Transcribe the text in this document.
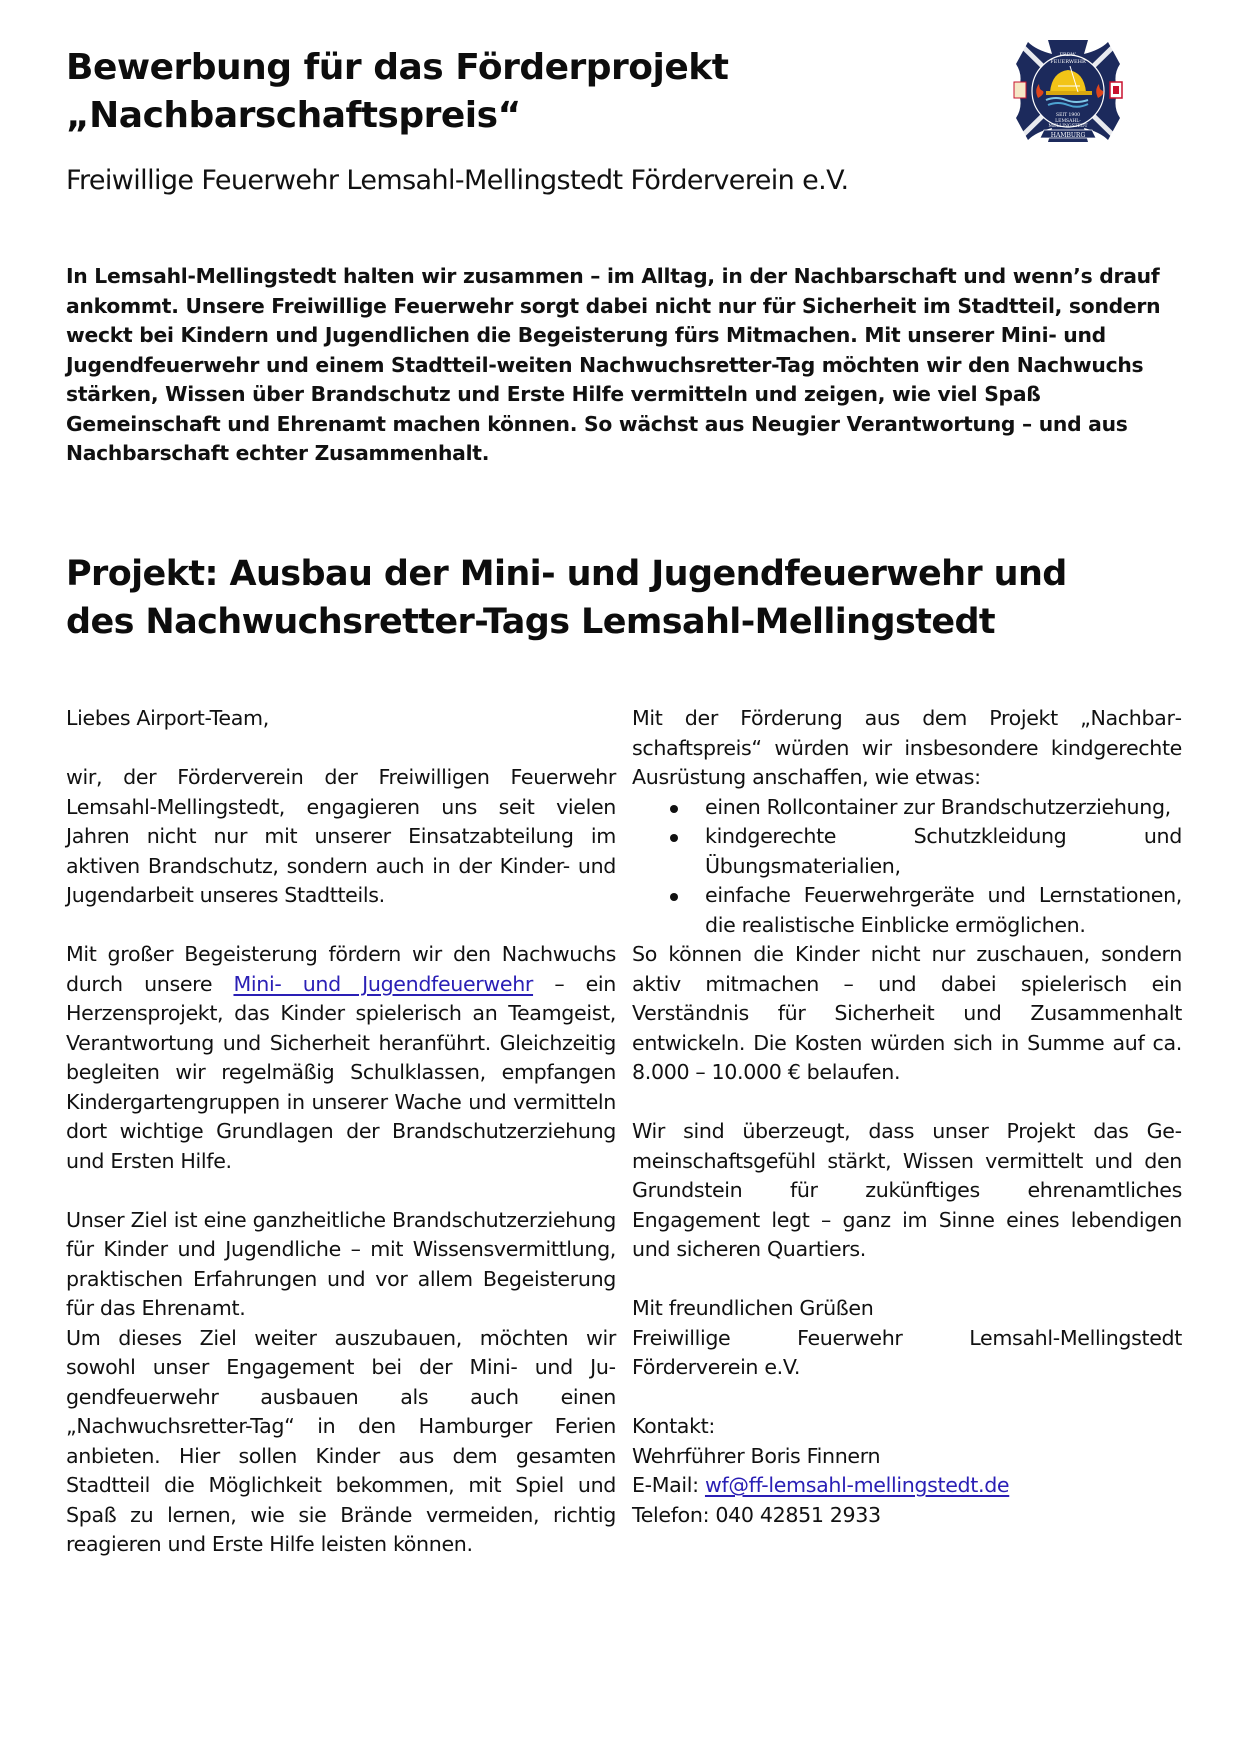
Bewerbung für das Förderprojekt
„Nachbarschaftspreis“
Freiwillige Feuerwehr Lemsahl-Mellingstedt Förderverein e.V.
FRDW.
FEUERWEHR
SEIT 1900
LEMSAHL-
MELLINGSTEDT
HAMBURG

In Lemsahl-Mellingstedt halten wir zusammen – im Alltag, in der Nachbarschaft und wenn’s drauf ankommt. Unsere Freiwillige Feuerwehr sorgt dabei nicht nur für Sicherheit im Stadtteil, sondern weckt bei Kindern und Jugendlichen die Begeisterung fürs Mitmachen. Mit unserer Mini- und Jugendfeuerwehr und einem Stadtteil-weiten Nachwuchsretter-Tag möchten wir den Nachwuchs stärken, Wissen über Brandschutz und Erste Hilfe vermitteln und zeigen, wie viel Spaß Gemeinschaft und Ehrenamt machen können. So wächst aus Neugier Verantwortung – und aus Nachbarschaft echter Zusammenhalt.

Projekt: Ausbau der Mini- und Jugendfeuerwehr und
des Nachwuchsretter-Tags Lemsahl-Mellingstedt

Liebes Airport-Team,

wir, der Förderverein der Freiwilligen Feuerwehr Lemsahl-Mellingstedt, engagieren uns seit vielen Jahren nicht nur mit unserer Einsatzabteilung im aktiven Brandschutz, sondern auch in der Kinder- und Jugendarbeit unseres Stadtteils.

Mit großer Begeisterung fördern wir den Nachwuchs durch unsere Mini- und Jugendfeuerwehr – ein Herzensprojekt, das Kinder spielerisch an Teamgeist, Verantwortung und Sicherheit heranführt. Gleichzeitig begleiten wir regelmäßig Schulklassen, empfangen Kindergartengruppen in unserer Wache und vermitteln dort wichtige Grundlagen der Brandschutzerziehung und Ersten Hilfe.

Unser Ziel ist eine ganzheitliche Brandschutzerziehung für Kinder und Jugendliche – mit Wissensvermittlung, praktischen Erfahrungen und vor allem Begeisterung für das Ehrenamt.

Um dieses Ziel weiter auszubauen, möchten wir sowohl unser Engagement bei der Mini- und Jugendfeuerwehr ausbauen als auch einen „Nachwuchsretter-Tag“ in den Hamburger Ferien anbieten. Hier sollen Kinder aus dem gesamten Stadtteil die Möglichkeit bekommen, mit Spiel und Spaß zu lernen, wie sie Brände vermeiden, richtig reagieren und Erste Hilfe leisten können.

Mit der Förderung aus dem Projekt „Nachbarschaftspreis“ würden wir insbesondere kindgerechte Ausrüstung anschaffen, wie etwas:

einen Rollcontainer zur Brandschutzerziehung,
kindgerechte Schutzkleidung und Übungsmaterialien,
einfache Feuerwehrgeräte und Lernstationen, die realistische Einblicke ermöglichen.

So können die Kinder nicht nur zuschauen, sondern aktiv mitmachen – und dabei spielerisch ein Verständnis für Sicherheit und Zusammenhalt entwickeln. Die Kosten würden sich in Summe auf ca. 8.000 – 10.000 € belaufen.

Wir sind überzeugt, dass unser Projekt das Gemeinschaftsgefühl stärkt, Wissen vermittelt und den Grundstein für zukünftiges ehrenamtliches Engagement legt – ganz im Sinne eines lebendigen und sicheren Quartiers.

Mit freundlichen Grüßen

Freiwillige Feuerwehr Lemsahl-Mellingstedt Förderverein e.V.

Kontakt:

Wehrführer Boris Finnern

E-Mail: wf@ff-lemsahl-mellingstedt.de

Telefon: 040 42851 2933
